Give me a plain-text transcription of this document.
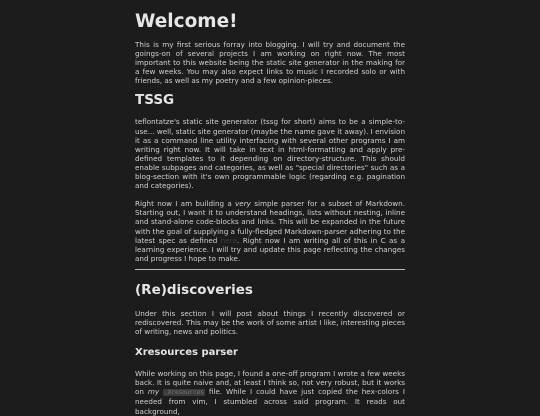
Welcome!

This is my first serious forray into blogging. I will try and document the goings-on of several projects I am working on right now. The most important to this website being the static site generator in the making for a few weeks. You may also expect links to music I recorded solo or with friends, as well as my poetry and a few opinion-pieces.

TSSG

teflontatze's static site generator (tssg for short) aims to be a simple-to-use... well, static site generator (maybe the name gave it away). I envision it as a command line utility interfacing with several other programs I am writing right now. It will take in text in html-formatting and apply pre-defined templates to it depending on directory-structure. This should enable subpages and categories, as well as "special directories" such as a blog-section with it's own programmable logic (regarding e.g. pagination and categories).

Right now I am building a very simple parser for a subset of Markdown. Starting out, I want it to understand headings, lists without nesting, inline and stand-alone code-blocks and links. This will be expanded in the future with the goal of supplying a fully-fledged Markdown-parser adhering to the latest spec as defined here. Right now I am writing all of this in C as a learning experience. I will try and update this page reflecting the changes and progress I hope to make.

(Re)discoveries

Under this section I will post about things I recently discovered or rediscovered. This may be the work of some artist I like, interesting pieces of writing, news and politics.

Xresources parser

While working on this page, I found a one-off program I wrote a few weeks back. It is quite naive and, at least I think so, not very robust, but it works on my .Xresources file. While I could have just copied the hex-colors I needed from vim, I stumbled across said program. It reads out background,
